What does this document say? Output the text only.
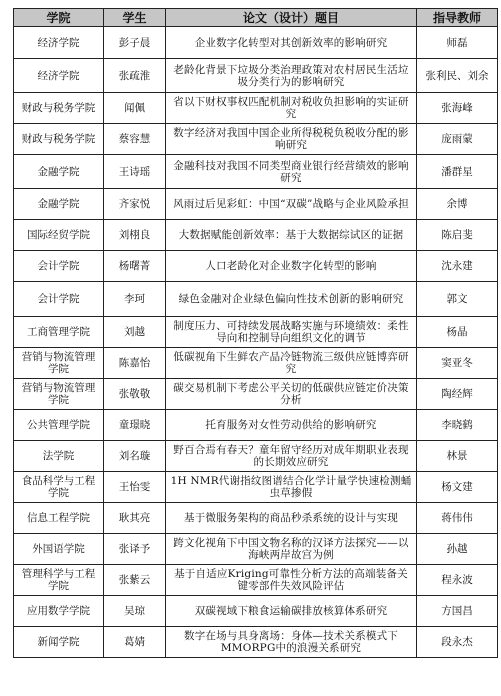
学院	学生	论文（设计）题目	指导教师
经济学院	彭子晨	企业数字化转型对其创新效率的影响研究	师磊
经济学院	张疏淮	老龄化背景下垃圾分类治理政策对农村居民生活垃圾分类行为的影响研究	张利民、刘余
财政与税务学院	闻佩	省以下财权事权匹配机制对税收负担影响的实证研究	张海峰
财政与税务学院	蔡容慧	数字经济对我国中国企业所得税税负税收分配的影响研究	庞雨蒙
金融学院	王诗瑶	金融科技对我国不同类型商业银行经营绩效的影响研究	潘群星
金融学院	齐家悦	风雨过后见彩虹：中国“双碳”战略与企业风险承担	余博
国际经贸学院	刘栩良	大数据赋能创新效率：基于大数据综试区的证据	陈启斐
会计学院	杨曙菁	人口老龄化对企业数字化转型的影响	沈永建
会计学院	李珂	绿色金融对企业绿色偏向性技术创新的影响研究	郭文
工商管理学院	刘越	制度压力、可持续发展战略实施与环境绩效：柔性导向和控制导向组织文化的调节	杨晶
营销与物流管理学院	陈嘉怡	低碳视角下生鲜农产品冷链物流三级供应链博弈研究	窦亚冬
营销与物流管理学院	张敬敬	碳交易机制下考虑公平关切的低碳供应链定价决策分析	陶经辉
公共管理学院	童璟晓	托育服务对女性劳动供给的影响研究	李晓鹤
法学院	刘名璇	野百合焉有春天？童年留守经历对成年期职业表现的长期效应研究	林景
食品科学与工程学院	王怡雯	1H NMR代谢指纹图谱结合化学计量学快速检测蛹虫草掺假	杨文建
信息工程学院	耿其亮	基于微服务架构的商品秒杀系统的设计与实现	蒋伟伟
外国语学院	张译予	跨文化视角下中国文物名称的汉译方法探究——以海峡两岸故宫为例	孙越
管理科学与工程学院	张紫云	基于自适应Kriging可靠性分析方法的高端装备关键零部件失效风险评估	程永波
应用数学学院	吴琼	双碳视域下粮食运输碳排放核算体系研究	方国昌
新闻学院	葛婧	数字在场与具身离场：身体—技术关系模式下MMORPG中的浪漫关系研究	段永杰
